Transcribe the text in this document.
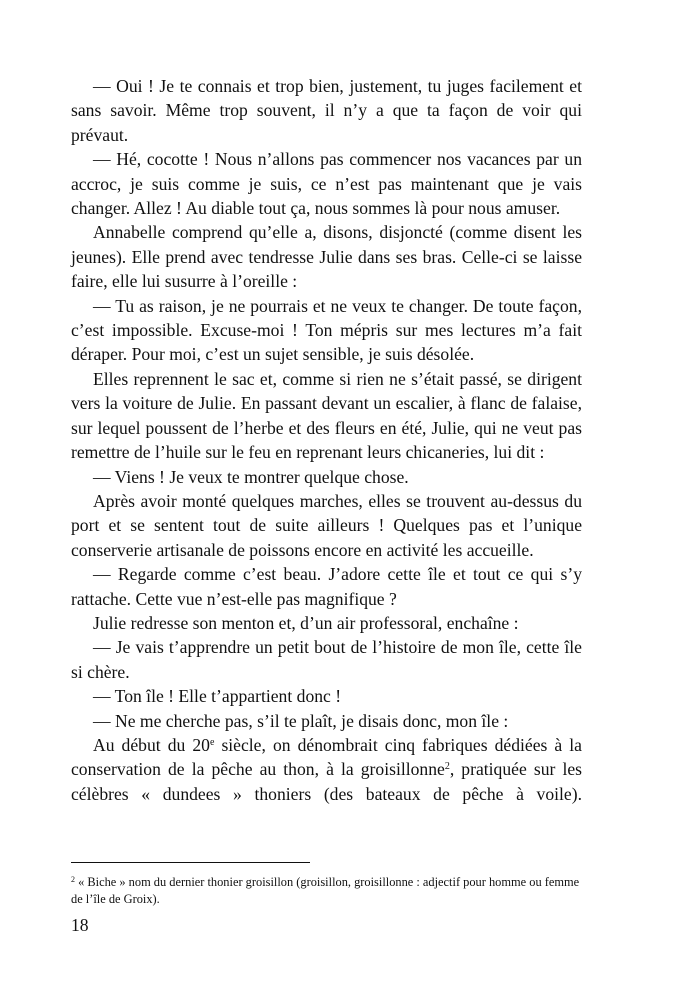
— Oui ! Je te connais et trop bien, justement, tu juges facilement et sans savoir. Même trop souvent, il n’y a que ta façon de voir qui prévaut.

— Hé, cocotte ! Nous n’allons pas commencer nos vacances par un accroc, je suis comme je suis, ce n’est pas maintenant que je vais changer. Allez ! Au diable tout ça, nous sommes là pour nous amuser.

Annabelle comprend qu’elle a, disons, disjoncté (comme disent les jeunes). Elle prend avec tendresse Julie dans ses bras. Celle-ci se laisse faire, elle lui susurre à l’oreille :

— Tu as raison, je ne pourrais et ne veux te changer. De toute façon, c’est impossible. Excuse-moi ! Ton mépris sur mes lectures m’a fait déraper. Pour moi, c’est un sujet sensible, je suis désolée.

Elles reprennent le sac et, comme si rien ne s’était passé, se dirigent vers la voiture de Julie. En passant devant un escalier, à flanc de falaise, sur lequel poussent de l’herbe et des fleurs en été, Julie, qui ne veut pas remettre de l’huile sur le feu en reprenant leurs chicaneries, lui dit :

— Viens ! Je veux te montrer quelque chose.

Après avoir monté quelques marches, elles se trouvent au-dessus du port et se sentent tout de suite ailleurs ! Quelques pas et l’unique conserverie artisanale de poissons encore en activité les accueille.

— Regarde comme c’est beau. J’adore cette île et tout ce qui s’y rattache. Cette vue n’est-elle pas magnifique ?

Julie redresse son menton et, d’un air professoral, enchaîne :

— Je vais t’apprendre un petit bout de l’histoire de mon île, cette île si chère.

— Ton île ! Elle t’appartient donc !

— Ne me cherche pas, s’il te plaît, je disais donc, mon île :

Au début du 20e siècle, on dénombrait cinq fabriques dédiées à la conservation de la pêche au thon, à la groisillonne$^2$, pratiquée sur les célèbres « dundees » thoniers (des bateaux de pêche à voile).

$^2$ « Biche » nom du dernier thonier groisillon (groisillon, groisillonne : adjectif pour homme ou femme de l’île de Groix).

18
